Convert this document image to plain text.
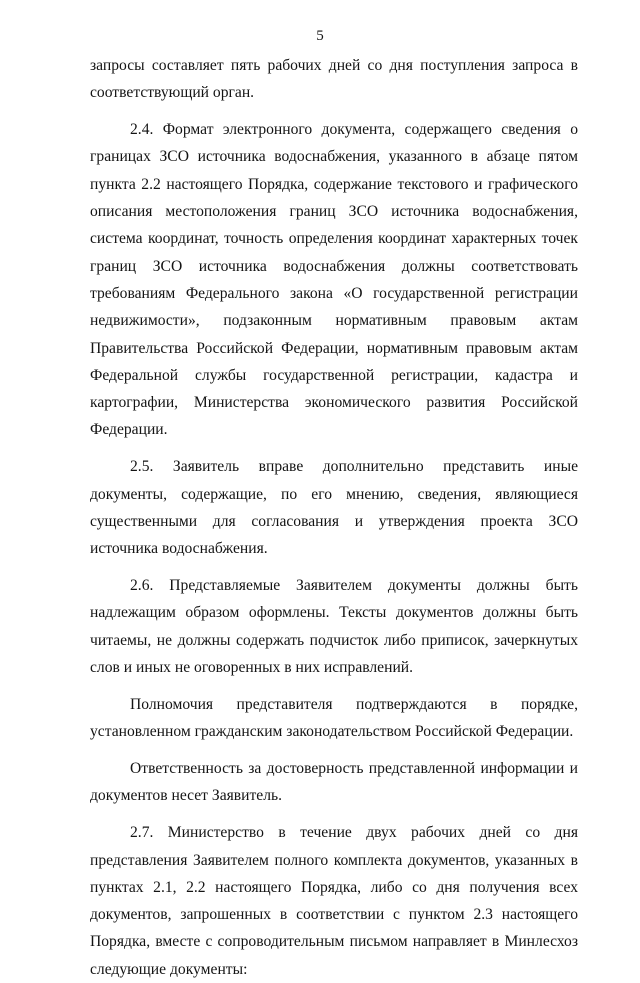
5

запросы составляет пять рабочих дней со дня поступления запроса в соответствующий орган.

2.4. Формат электронного документа, содержащего сведения о границах ЗСО источника водоснабжения, указанного в абзаце пятом пункта 2.2 настоящего Порядка, содержание текстового и графического описания местоположения границ ЗСО источника водоснабжения, система координат, точность определения координат характерных точек границ ЗСО источника водоснабжения должны соответствовать требованиям Федерального закона «О государственной регистрации недвижимости», подзаконным нормативным правовым актам Правительства Российской Федерации, нормативным правовым актам Федеральной службы государственной регистрации, кадастра и картографии, Министерства экономического развития Российской Федерации.

2.5. Заявитель вправе дополнительно представить иные документы, содержащие, по его мнению, сведения, являющиеся существенными для согласования и утверждения проекта ЗСО источника водоснабжения.

2.6. Представляемые Заявителем документы должны быть надлежащим образом оформлены. Тексты документов должны быть читаемы, не должны содержать подчисток либо приписок, зачеркнутых слов и иных не оговоренных в них исправлений.

Полномочия представителя подтверждаются в порядке, установленном гражданским законодательством Российской Федерации.

Ответственность за достоверность представленной информации и документов несет Заявитель.

2.7. Министерство в течение двух рабочих дней со дня представления Заявителем полного комплекта документов, указанных в пунктах 2.1, 2.2 настоящего Порядка, либо со дня получения всех документов, запрошенных в соответствии с пунктом 2.3 настоящего Порядка, вместе с сопроводительным письмом направляет в Минлесхоз следующие документы:
